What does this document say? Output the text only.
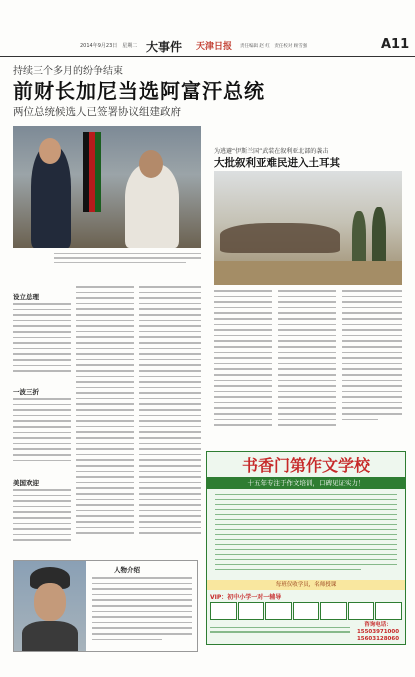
2014年9月23日　星期二 大事件 天津日报 责任编辑 赵 红　责任校对 顾雪强	A11
持续三个多月的纷争结束
前财长加尼当选阿富汗总统
两位总统候选人已签署协议组建政府
设立总理
一波三折
美国欢迎
为逃避“伊斯兰国”武装在叙利亚北部的袭击
大批叙利亚难民进入土耳其
书香门第作文学校
十五年专注于作文培训，口碑见证实力！
每班仅收学员，名师授课
VIP：初中小学一对一辅导
咨询电话：
15503971000
15603128060
人物介绍
